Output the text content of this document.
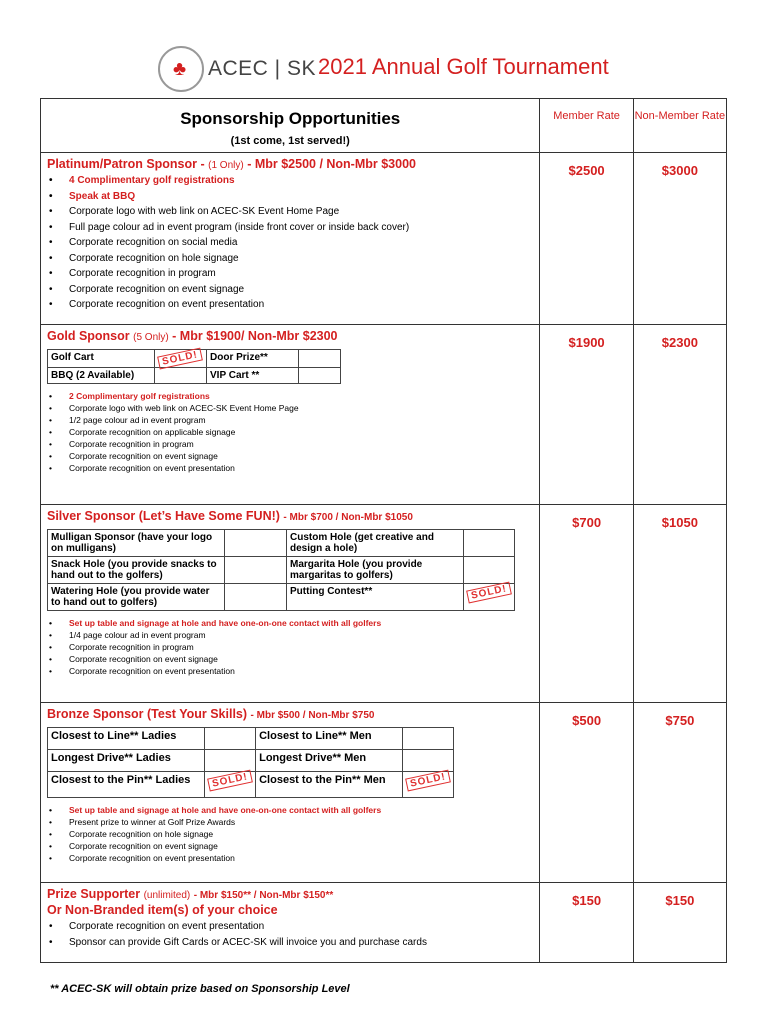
♣ ACEC | SK 2021 Annual Golf Tournament
Sponsorship Opportunities
(1st come, 1st served!)
	Member Rate	Non-Member Rate

Platinum/Patron Sponsor - (1 Only) - Mbr $2500 / Non-Mbr $3000
• 4 Complimentary golf registrations
• Speak at BBQ
• Corporate logo with web link on ACEC-SK Event Home Page
• Full page colour ad in event program (inside front cover or inside back cover)
• Corporate recognition on social media
• Corporate recognition on hole signage
• Corporate recognition in program
• Corporate recognition on event signage
• Corporate recognition on event presentation
	$2500	$3000

Gold Sponsor (5 Only) - Mbr $1900/ Non-Mbr $2300
Golf Cart	SOLD!	Door Prize**	
BBQ (2 Available)		VIP Cart **	
• 2 Complimentary golf registrations
• Corporate logo with web link on ACEC-SK Event Home Page
• 1/2 page colour ad in event program
• Corporate recognition on applicable signage
• Corporate recognition in program
• Corporate recognition on event signage
• Corporate recognition on event presentation
	$1900	$2300

Silver Sponsor (Let’s Have Some FUN!) - Mbr $700 / Non-Mbr $1050
Mulligan Sponsor (have your logo on mulligans)		Custom Hole (get creative and design a hole)	
Snack Hole (you provide snacks to hand out to the golfers)		Margarita Hole (you provide margaritas to golfers)	
Watering Hole (you provide water to hand out to golfers)		Putting Contest**	SOLD!
• Set up table and signage at hole and have one-on-one contact with all golfers
• 1/4 page colour ad in event program
• Corporate recognition in program
• Corporate recognition on event signage
• Corporate recognition on event presentation
	$700	$1050

Bronze Sponsor (Test Your Skills) - Mbr $500 / Non-Mbr $750
Closest to Line** Ladies		Closest to Line** Men	
Longest Drive** Ladies		Longest Drive** Men	
Closest to the Pin** Ladies	SOLD!	Closest to the Pin** Men	SOLD!
• Set up table and signage at hole and have one-on-one contact with all golfers
• Present prize to winner at Golf Prize Awards
• Corporate recognition on hole signage
• Corporate recognition on event signage
• Corporate recognition on event presentation
	$500	$750

Prize Supporter (unlimited) - Mbr $150** / Non-Mbr $150**
Or Non-Branded item(s) of your choice
• Corporate recognition on event presentation
• Sponsor can provide Gift Cards or ACEC-SK will invoice you and purchase cards
	$150	$150
** ACEC-SK will obtain prize based on Sponsorship Level
